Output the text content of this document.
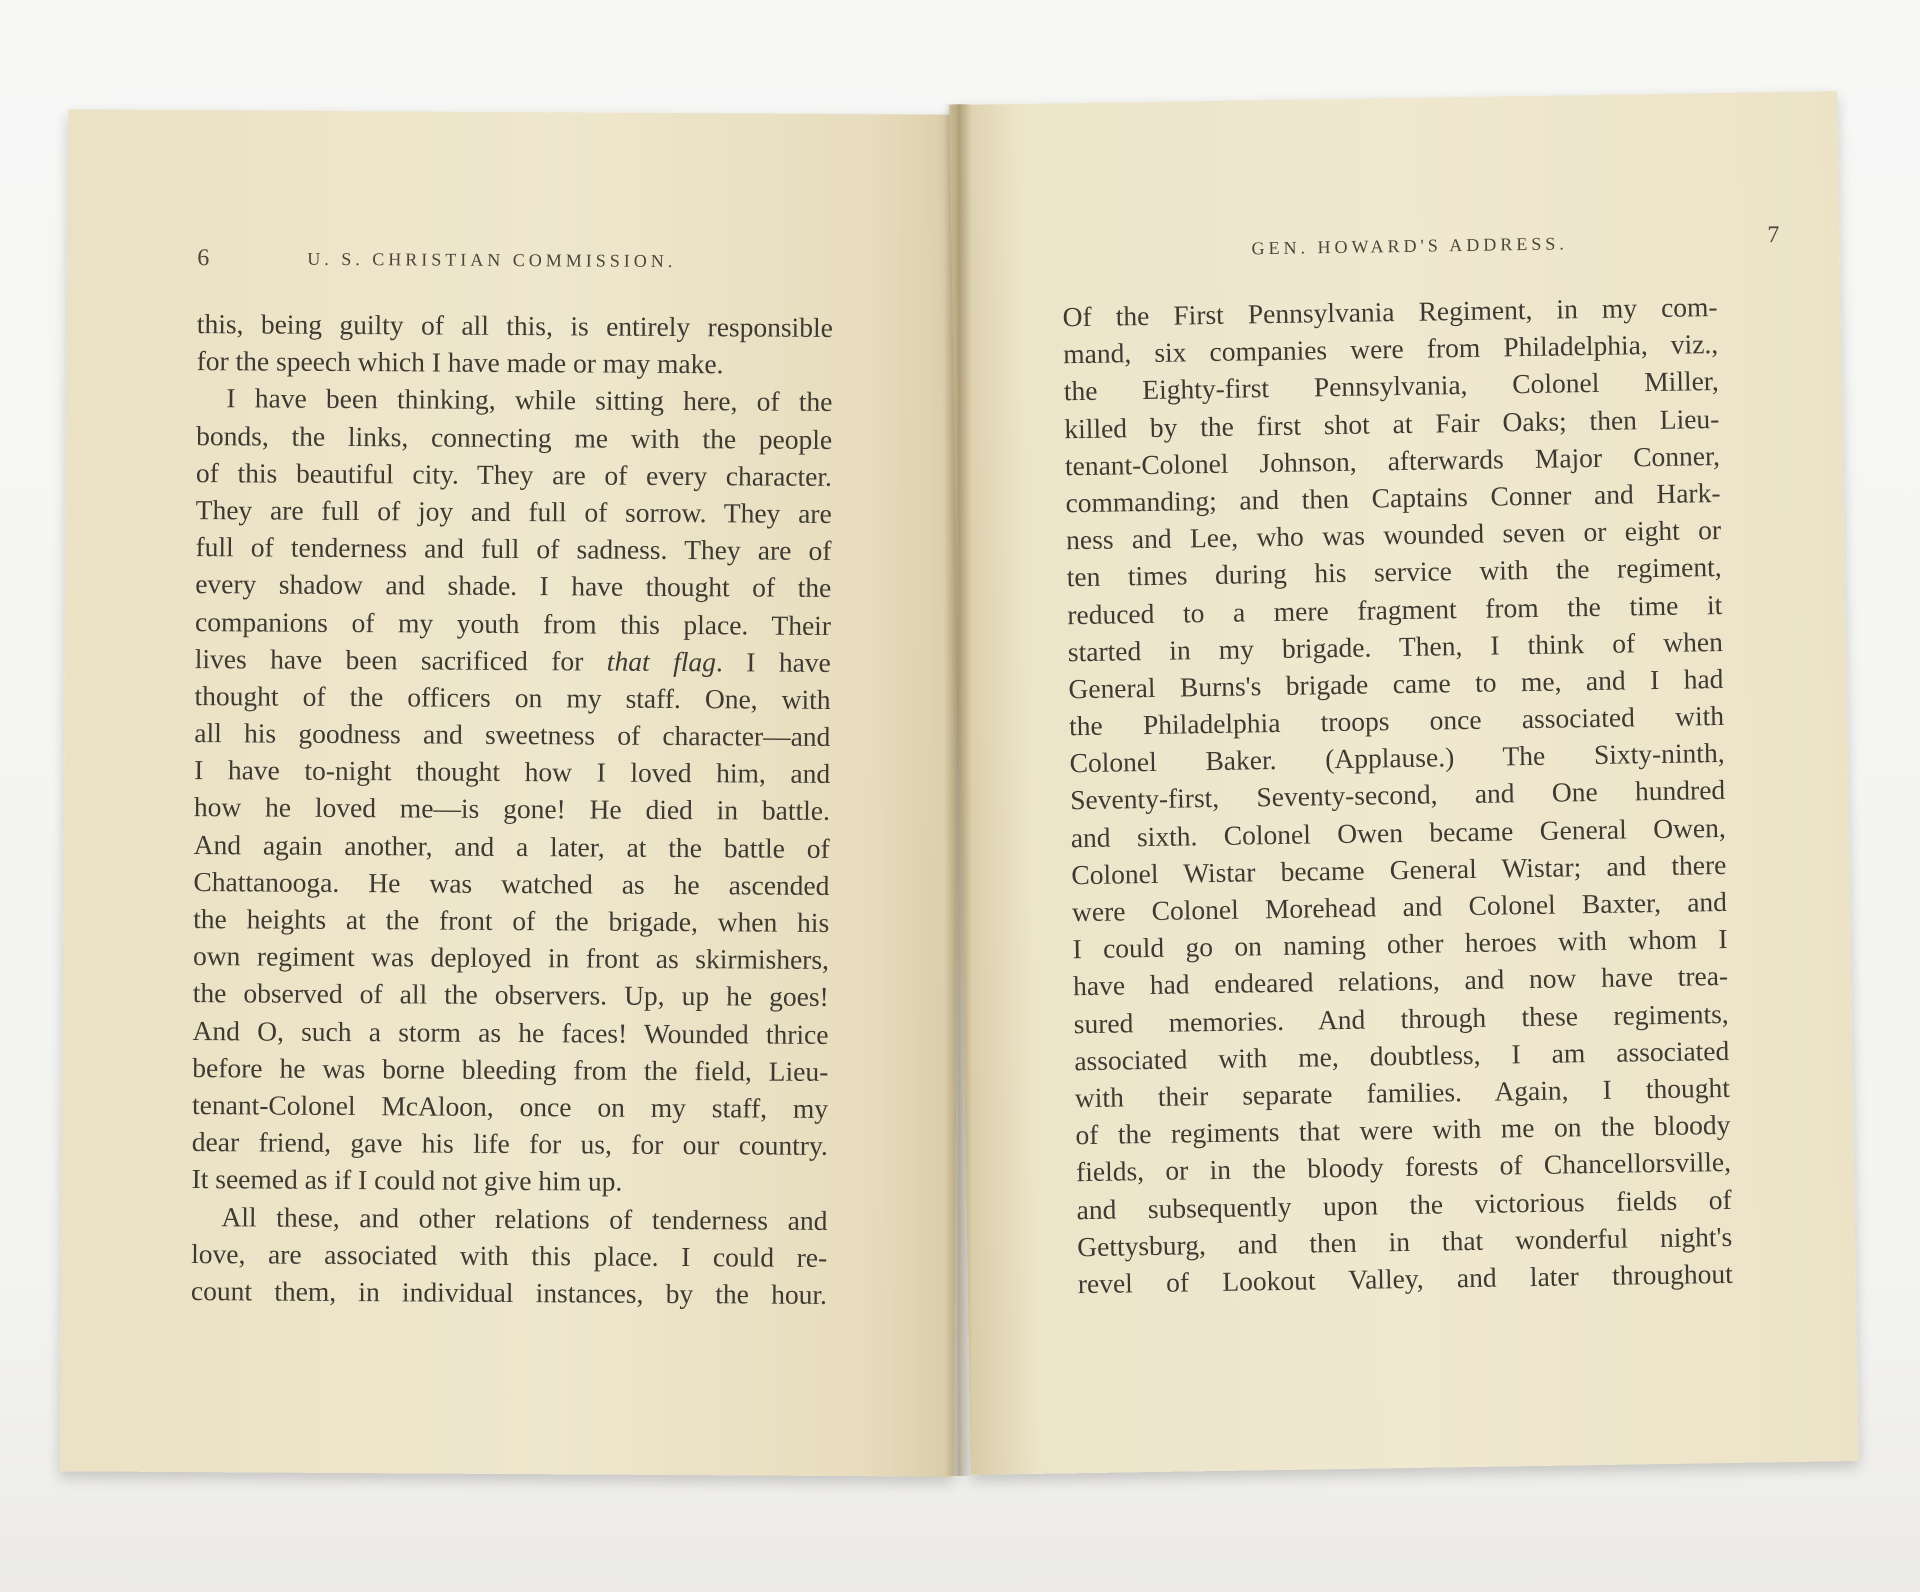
6	U. S. CHRISTIAN COMMISSION.
this, being guilty of all this, is entirely responsible
for the speech which I have made or may make.
I have been thinking, while sitting here, of the
bonds, the links, connecting me with the people
of this beautiful city. They are of every character.
They are full of joy and full of sorrow. They are
full of tenderness and full of sadness. They are of
every shadow and shade. I have thought of the
companions of my youth from this place. Their
lives have been sacrificed for that flag. I have
thought of the officers on my staff. One, with
all his goodness and sweetness of character—and
I have to-night thought how I loved him, and
how he loved me—is gone! He died in battle.
And again another, and a later, at the battle of
Chattanooga. He was watched as he ascended
the heights at the front of the brigade, when his
own regiment was deployed in front as skirmishers,
the observed of all the observers. Up, up he goes!
And O, such a storm as he faces! Wounded thrice
before he was borne bleeding from the field, Lieu-
tenant-Colonel McAloon, once on my staff, my
dear friend, gave his life for us, for our country.
It seemed as if I could not give him up.
All these, and other relations of tenderness and
love, are associated with this place. I could re-
count them, in individual instances, by the hour.
GEN. HOWARD'S ADDRESS.	7
Of the First Pennsylvania Regiment, in my com-
mand, six companies were from Philadelphia, viz.,
the Eighty-first Pennsylvania, Colonel Miller,
killed by the first shot at Fair Oaks; then Lieu-
tenant-Colonel Johnson, afterwards Major Conner,
commanding; and then Captains Conner and Hark-
ness and Lee, who was wounded seven or eight or
ten times during his service with the regiment,
reduced to a mere fragment from the time it
started in my brigade. Then, I think of when
General Burns's brigade came to me, and I had
the Philadelphia troops once associated with
Colonel Baker. (Applause.) The Sixty-ninth,
Seventy-first, Seventy-second, and One hundred
and sixth. Colonel Owen became General Owen,
Colonel Wistar became General Wistar; and there
were Colonel Morehead and Colonel Baxter, and
I could go on naming other heroes with whom I
have had endeared relations, and now have trea-
sured memories. And through these regiments,
associated with me, doubtless, I am associated
with their separate families. Again, I thought
of the regiments that were with me on the bloody
fields, or in the bloody forests of Chancellorsville,
and subsequently upon the victorious fields of
Gettysburg, and then in that wonderful night's
revel of Lookout Valley, and later throughout
